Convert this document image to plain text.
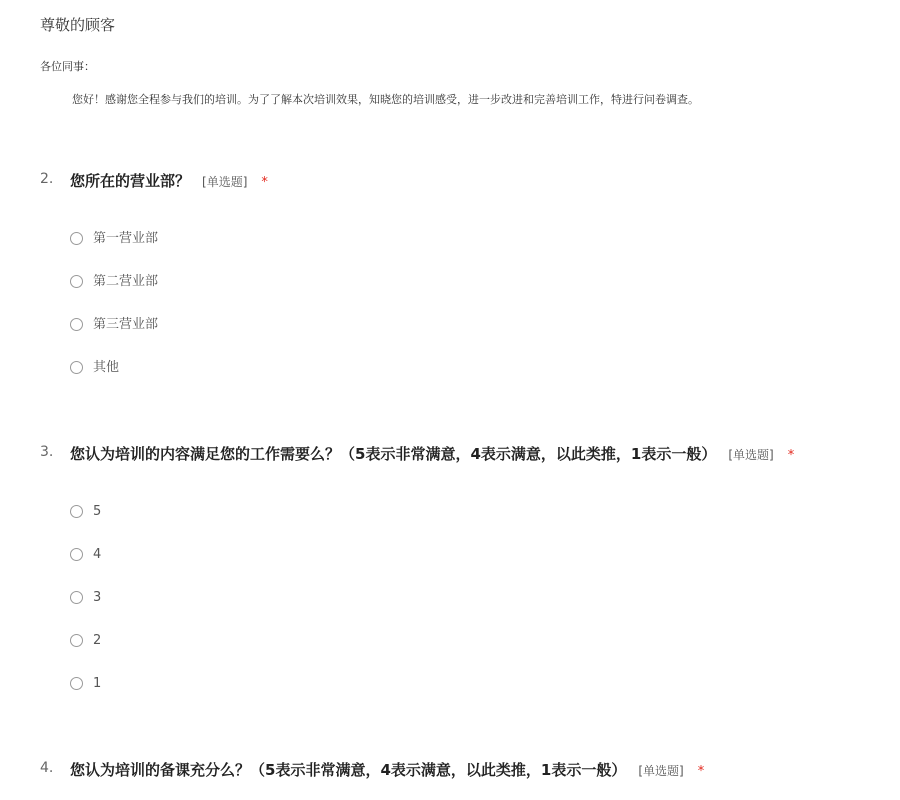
尊敬的顾客
各位同事：
您好！感谢您全程参与我们的培训。为了了解本次培训效果，知晓您的培训感受，进一步改进和完善培训工作，特进行问卷调查。
2. 您所在的营业部？ [单选题] *
第一营业部
第二营业部
第三营业部
其他
3. 您认为培训的内容满足您的工作需要么？（5表示非常满意，4表示满意，以此类推，1表示一般） [单选题] *
5
4
3
2
1
4. 您认为培训的备课充分么？（5表示非常满意，4表示满意，以此类推，1表示一般） [单选题] *
